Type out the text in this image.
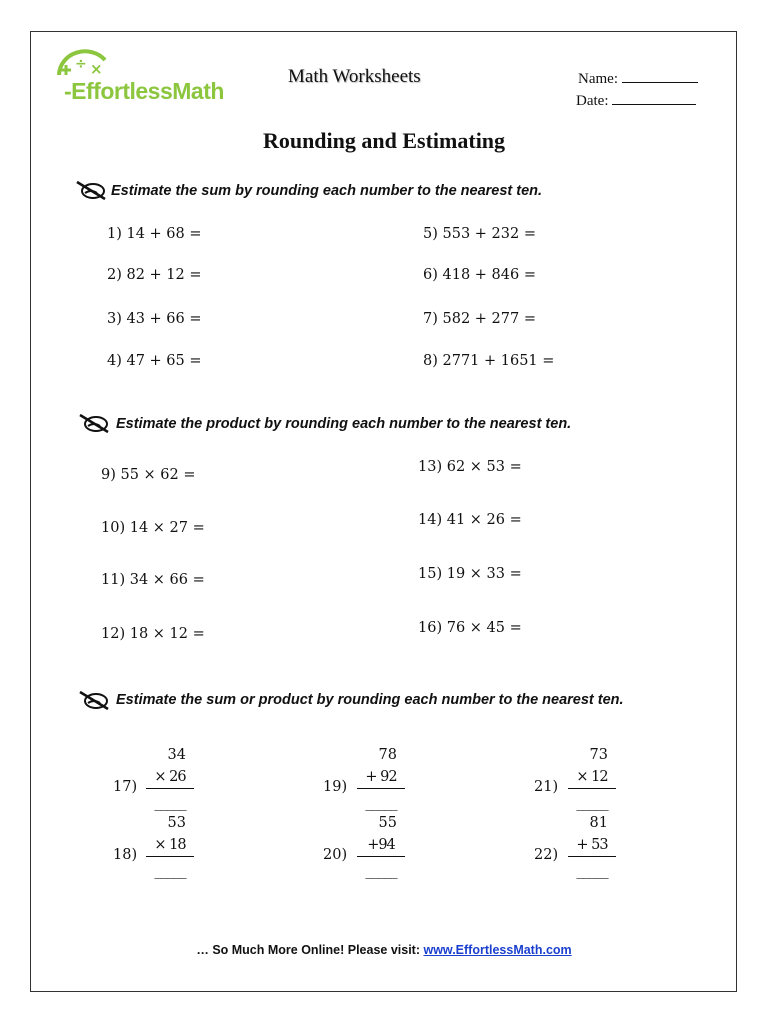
÷ ×
-EffortlessMath
Math Worksheets	Name:
Date:
Rounding and Estimating
Estimate the sum by rounding each number to the nearest ten.
1) 14 + 68 =
2) 82 + 12 =
3) 43 + 66 =
4) 47 + 65 =
5) 553 + 232 =
6) 418 + 846 =
7) 582 + 277 =
8) 2771 + 1651 =
Estimate the product by rounding each number to the nearest ten.
9) 55 × 62 =
10) 14 × 27 =
11) 34 × 66 =
12) 18 × 12 =
13) 62 × 53 =
14) 41 × 26 =
15) 19 × 33 =
16) 76 × 45 =
Estimate the sum or product by rounding each number to the nearest ten.
17)
34
× 26
_____
18)
53
× 18
_____
19)
78
+ 92
_____
20)
55
+94
_____
21)
73
× 12
_____
22)
81
+ 53
_____
… So Much More Online! Please visit: www.EffortlessMath.com
